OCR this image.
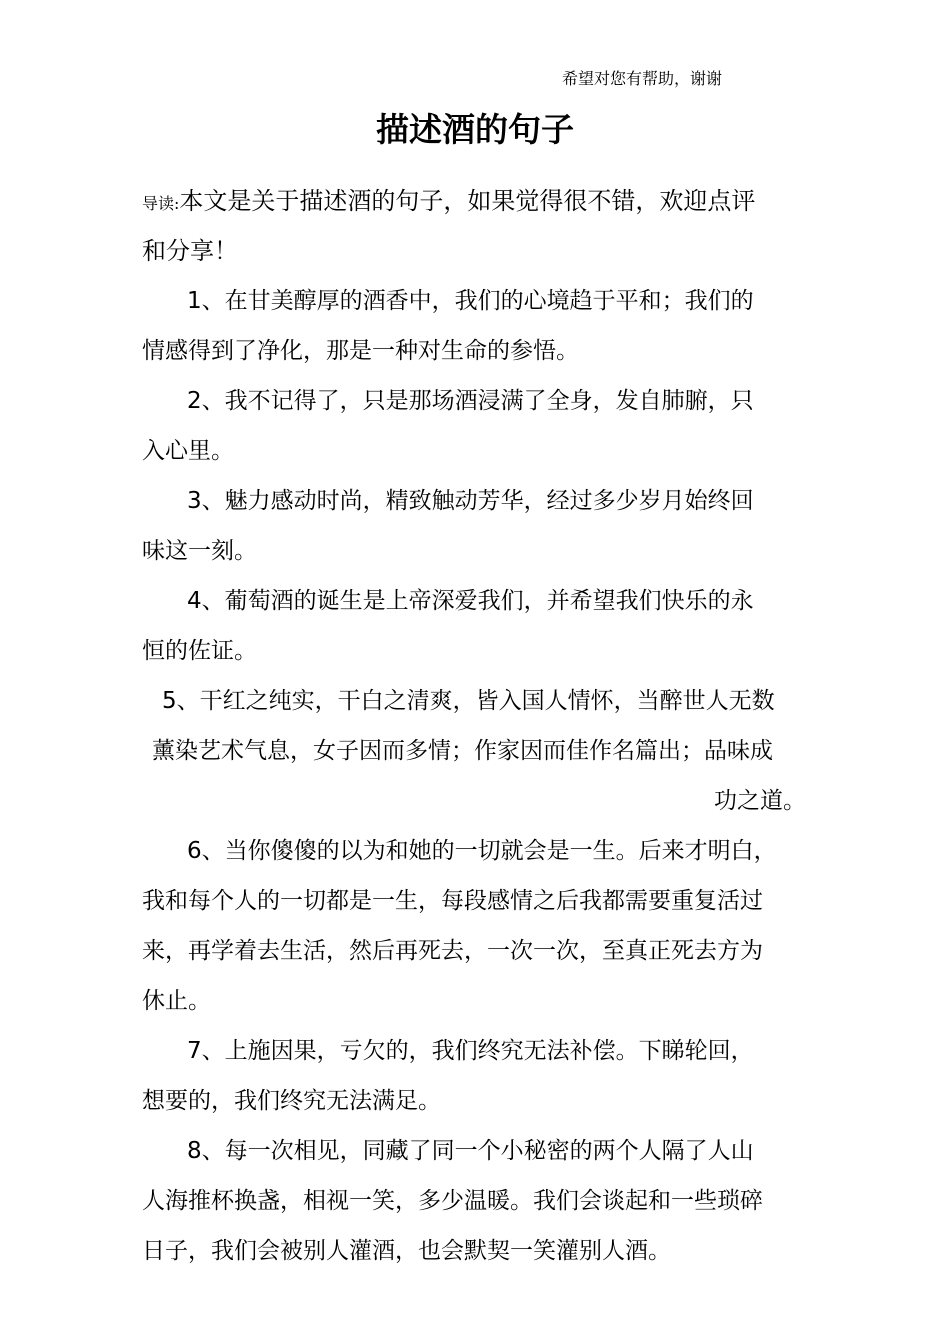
希望对您有帮助，谢谢
描述酒的句子
导读:本文是关于描述酒的句子，如果觉得很不错，欢迎点评
和分享！
1、在甘美醇厚的酒香中，我们的心境趋于平和；我们的
情感得到了净化，那是一种对生命的参悟。
2、我不记得了，只是那场酒浸满了全身，发自肺腑，只
入心里。
3、魅力感动时尚，精致触动芳华，经过多少岁月始终回
味这一刻。
4、葡萄酒的诞生是上帝深爱我们，并希望我们快乐的永
恒的佐证。
5、干红之纯实，干白之清爽，皆入国人情怀，当醉世人无数
薰染艺术气息，女子因而多情；作家因而佳作名篇出；品味成
功之道。
6、当你傻傻的以为和她的一切就会是一生。后来才明白，
我和每个人的一切都是一生，每段感情之后我都需要重复活过
来，再学着去生活，然后再死去，一次一次，至真正死去方为
休止。
7、上施因果，亏欠的，我们终究无法补偿。下睇轮回，
想要的，我们终究无法满足。
8、每一次相见，同藏了同一个小秘密的两个人隔了人山
人海推杯换盏，相视一笑，多少温暖。我们会谈起和一些琐碎
日子，我们会被别人灌酒，也会默契一笑灌别人酒。
